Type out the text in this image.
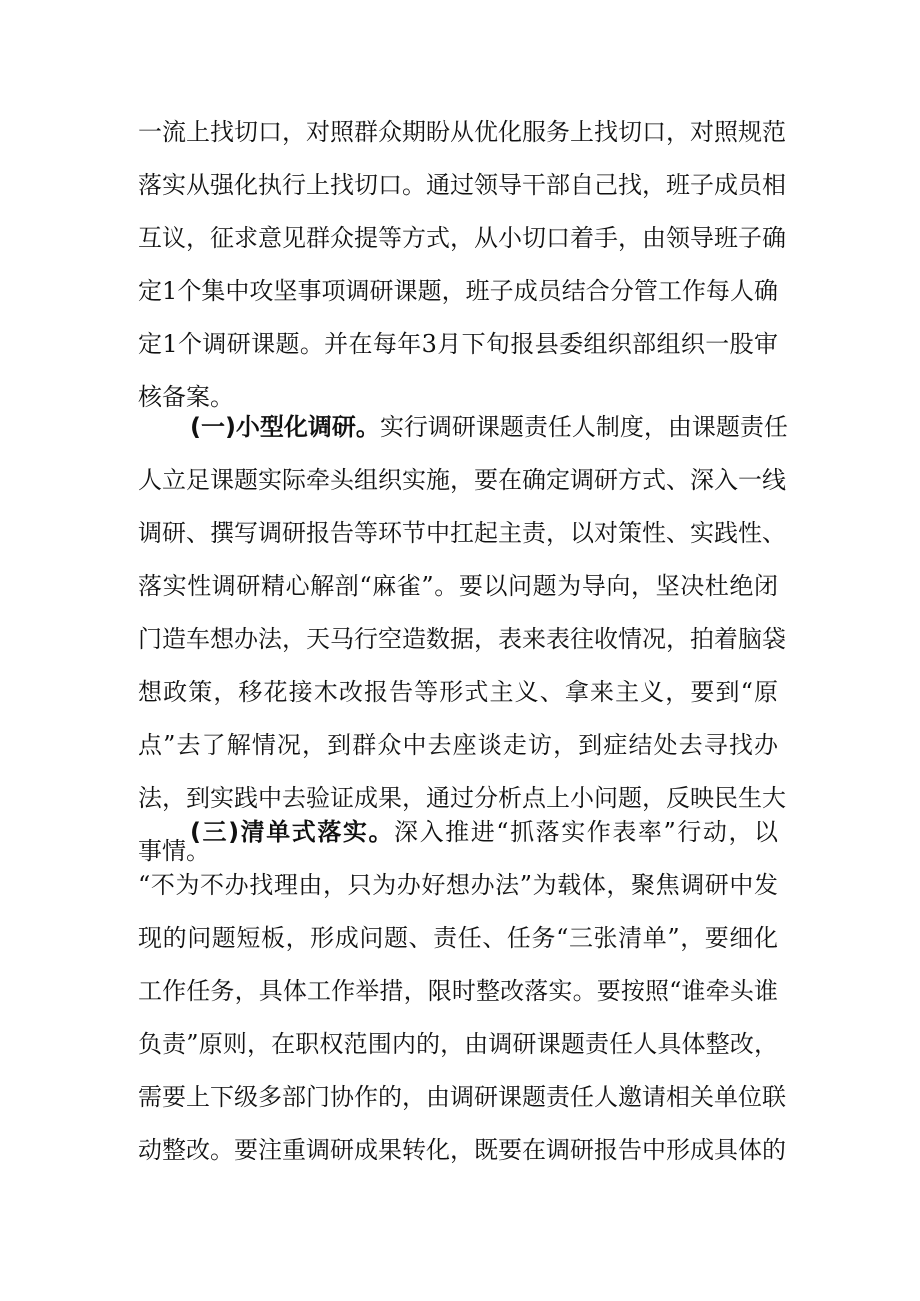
一流上找切口，对照群众期盼从优化服务上找切口，对照规范
落实从强化执行上找切口。通过领导干部自己找，班子成员相
互议，征求意见群众提等方式，从小切口着手，由领导班子确
定1个集中攻坚事项调研课题，班子成员结合分管工作每人确
定1个调研课题。并在每年3月下旬报县委组织部组织一股审
核备案。
(一)小型化调研。实行调研课题责任人制度，由课题责任
人立足课题实际牵头组织实施，要在确定调研方式、深入一线
调研、撰写调研报告等环节中扛起主责，以对策性、实践性、
落实性调研精心解剖“麻雀”。要以问题为导向，坚决杜绝闭
门造车想办法，天马行空造数据，表来表往收情况，拍着脑袋
想政策，移花接木改报告等形式主义、拿来主义，要到“原
点”去了解情况，到群众中去座谈走访，到症结处去寻找办
法，到实践中去验证成果，通过分析点上小问题，反映民生大
事情。
(三)清单式落实。深入推进“抓落实作表率”行动，以
“不为不办找理由，只为办好想办法”为载体，聚焦调研中发
现的问题短板，形成问题、责任、任务“三张清单”，要细化
工作任务，具体工作举措，限时整改落实。要按照“谁牵头谁
负责”原则，在职权范围内的，由调研课题责任人具体整改，
需要上下级多部门协作的，由调研课题责任人邀请相关单位联
动整改。要注重调研成果转化，既要在调研报告中形成具体的
